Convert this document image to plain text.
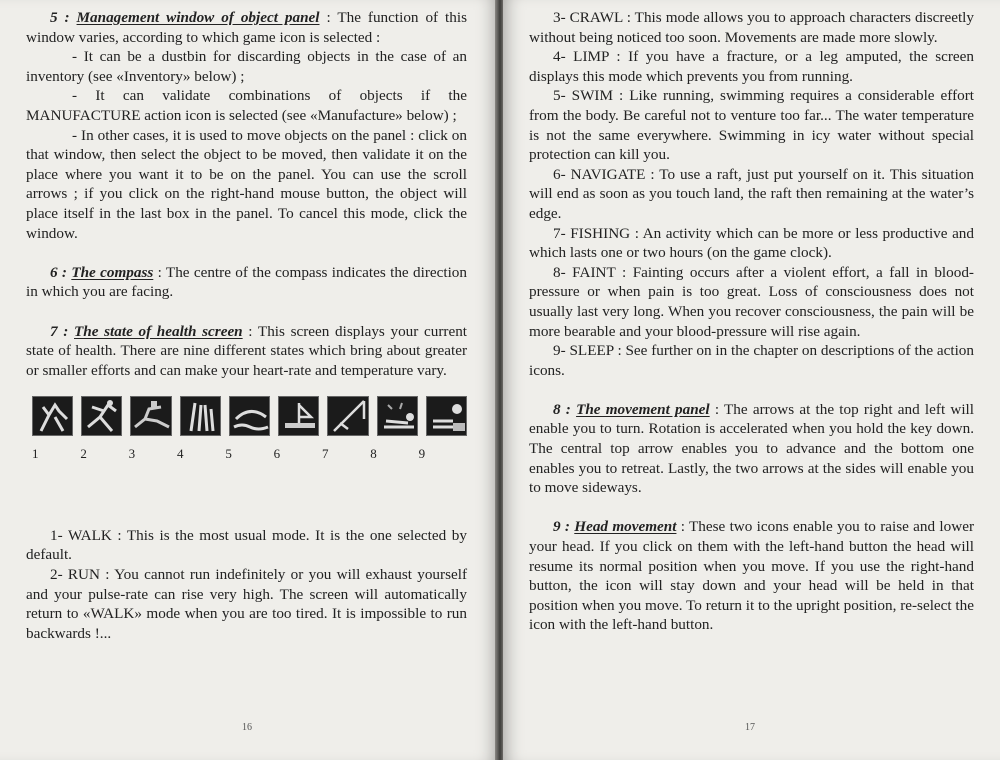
5 : Management window of object panel : The function of this window varies, according to which game icon is selected :

- It can be a dustbin for discarding objects in the case of an inventory (see «Inventory» below) ;

- It can validate combinations of objects if the MANUFACTURE action icon is selected (see «Manufacture» below) ;

- In other cases, it is used to move objects on the panel : click on that window, then select the object to be moved, then validate it on the place where you want it to be on the panel. You can use the scroll arrows ; if you click on the right-hand mouse button, the object will place itself in the last box in the panel. To cancel this mode, click the window.

6 : The compass : The centre of the compass indicates the direction in which you are facing.

7 : The state of health screen : This screen displays your current state of health. There are nine different states which bring about greater or smaller efforts and can make your heart-rate and temperature vary.

1	2	3	4	5	6	7	8	9

1- WALK : This is the most usual mode. It is the one selected by default.

2- RUN : You cannot run indefinitely or you will exhaust yourself and your pulse-rate can rise very high. The screen will automatically return to «WALK» mode when you are too tired. It is impossible to run backwards !...

16

3- CRAWL : This mode allows you to approach characters discreetly without being noticed too soon. Movements are made more slowly.

4- LIMP : If you have a fracture, or a leg amputed, the screen displays this mode which prevents you from running.

5- SWIM : Like running, swimming requires a considerable effort from the body. Be careful not to venture too far... The water temperature is not the same everywhere. Swimming in icy water without special protection can kill you.

6- NAVIGATE : To use a raft, just put yourself on it. This situation will end as soon as you touch land, the raft then remaining at the water’s edge.

7- FISHING : An activity which can be more or less productive and which lasts one or two hours (on the game clock).

8- FAINT : Fainting occurs after a violent effort, a fall in blood-pressure or when pain is too great. Loss of consciousness does not usually last very long. When you recover consciousness, the pain will be more bearable and your blood-pressure will rise again.

9- SLEEP : See further on in the chapter on descriptions of the action icons.

8 : The movement panel : The arrows at the top right and left will enable you to turn. Rotation is accelerated when you hold the key down. The central top arrow enables you to advance and the bottom one enables you to retreat. Lastly, the two arrows at the sides will enable you to move sideways.

9 : Head movement : These two icons enable you to raise and lower your head. If you click on them with the left-hand button the head will resume its normal position when you move. If you use the right-hand button, the icon will stay down and your head will be held in that position when you move. To return it to the upright position, re-select the icon with the left-hand button.

17
